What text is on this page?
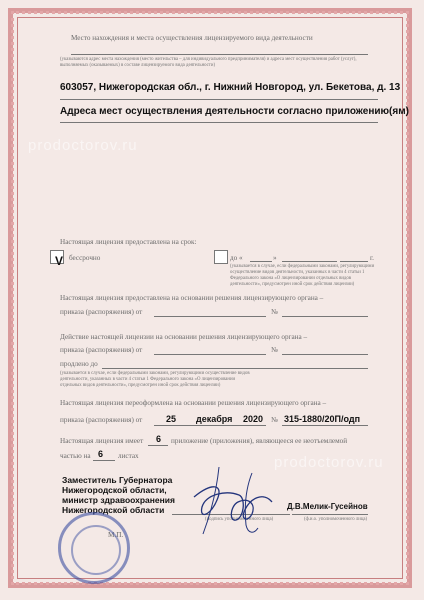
prodoctorov.ru
prodoctorov.ru
Место нахождения и места осуществления лицензируемого вида деятельности
(указываются адрес места нахождения (место жительства – для индивидуального предпринимателя) и адреса мест осуществления работ (услуг),
выполняемых (оказываемых) в составе лицензируемого вида деятельности)
603057, Нижегородская обл., г. Нижний Новгород, ул. Бекетова, д. 13
Адреса мест осуществления деятельности согласно приложению(ям)
Настоящая лицензия предоставлена на срок:
V бессрочно	до «	»	г.
(указывается в случае, если федеральными законами, регулирующими
осуществление видов деятельности, указанных в части 4 статьи 1
Федерального закона «О лицензировании отдельных видов
деятельности», предусмотрен иной срок действия лицензии)
Настоящая лицензия предоставлена на основании решения лицензирующего органа –
приказа (распоряжения) от	№
Действие настоящей лицензии на основании решения лицензирующего органа –
приказа (распоряжения) от	№
продлено до
(указывается в случае, если федеральными законами, регулирующими осуществление видов
деятельности, указанных в части 4 статьи 1 Федерального закона «О лицензировании
отдельных видов деятельности», предусмотрен иной срок действия лицензии)
Настоящая лицензия переоформлена на основании решения лицензирующего органа –
приказа (распоряжения) от	25 декабря 2020 № 315-1880/20П/одп
Настоящая лицензия имеет 6 приложение (приложения), являющееся ее неотъемлемой
частью на 6 листах
Заместитель Губернатора
Нижегородской области,
министр здравоохранения
Нижегородской области
(подпись уполномоченного лица)
Д.В.Мелик-Гусейнов
(ф.и.о. уполномоченного лица)
М.П.
